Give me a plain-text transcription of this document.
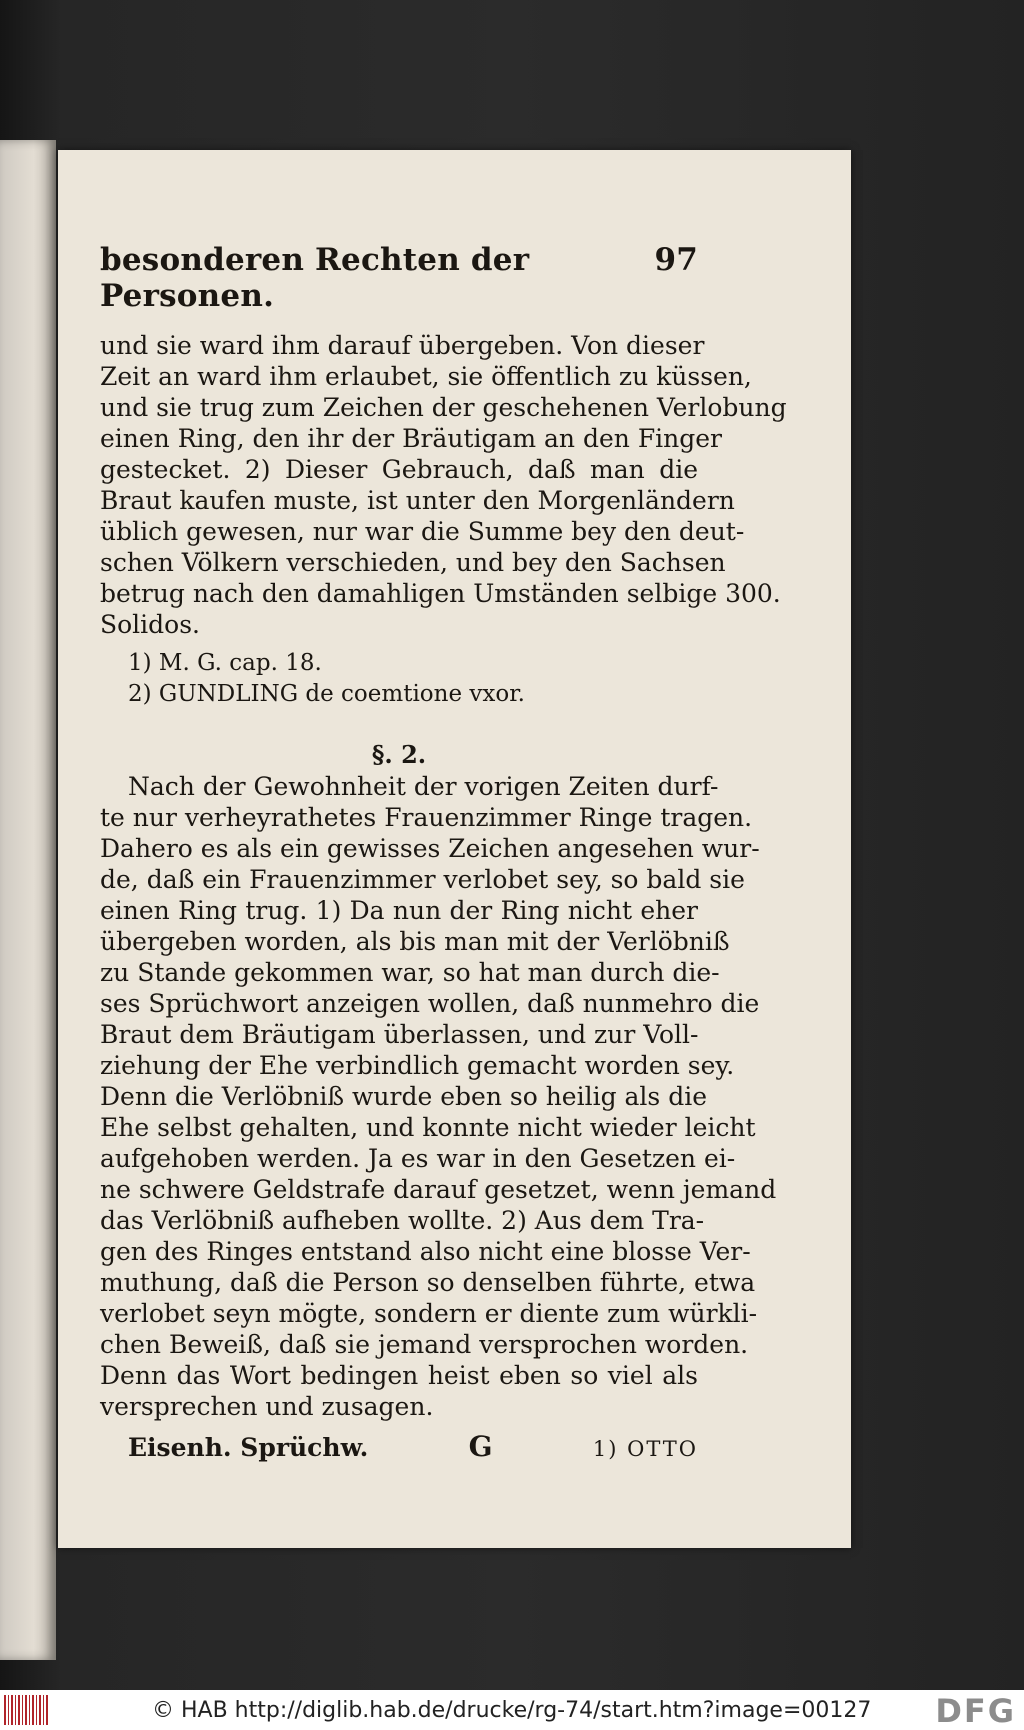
besonderen Rechten der Personen.
97
und sie ward ihm darauf übergeben. Von dieser
Zeit an ward ihm erlaubet, sie öffentlich zu küssen,
und sie trug zum Zeichen der geschehenen Verlobung
einen Ring, den ihr der Bräutigam an den Finger
gestecket. 2) Dieser Gebrauch, daß man die
Braut kaufen muste, ist unter den Morgenländern
üblich gewesen, nur war die Summe bey den deut-
schen Völkern verschieden, und bey den Sachsen
betrug nach den damahligen Umständen selbige 300.
Solidos.
1) M. G. cap. 18.
2) GUNDLING de coemtione vxor.
§. 2.
Nach der Gewohnheit der vorigen Zeiten durf-
te nur verheyrathetes Frauenzimmer Ringe tragen.
Dahero es als ein gewisses Zeichen angesehen wur-
de, daß ein Frauenzimmer verlobet sey, so bald sie
einen Ring trug. 1) Da nun der Ring nicht eher
übergeben worden, als bis man mit der Verlöbniß
zu Stande gekommen war, so hat man durch die-
ses Sprüchwort anzeigen wollen, daß nunmehro die
Braut dem Bräutigam überlassen, und zur Voll-
ziehung der Ehe verbindlich gemacht worden sey.
Denn die Verlöbniß wurde eben so heilig als die
Ehe selbst gehalten, und konnte nicht wieder leicht
aufgehoben werden. Ja es war in den Gesetzen ei-
ne schwere Geldstrafe darauf gesetzet, wenn jemand
das Verlöbniß aufheben wollte. 2) Aus dem Tra-
gen des Ringes entstand also nicht eine blosse Ver-
muthung, daß die Person so denselben führte, etwa
verlobet seyn mögte, sondern er diente zum würkli-
chen Beweiß, daß sie jemand versprochen worden.
Denn das Wort bedingen heist eben so viel als
versprechen und zusagen.
Eisenh. Sprüchw.	G	1) OTTO
© HAB http://diglib.hab.de/drucke/rg-74/start.htm?image=00127 DFG
